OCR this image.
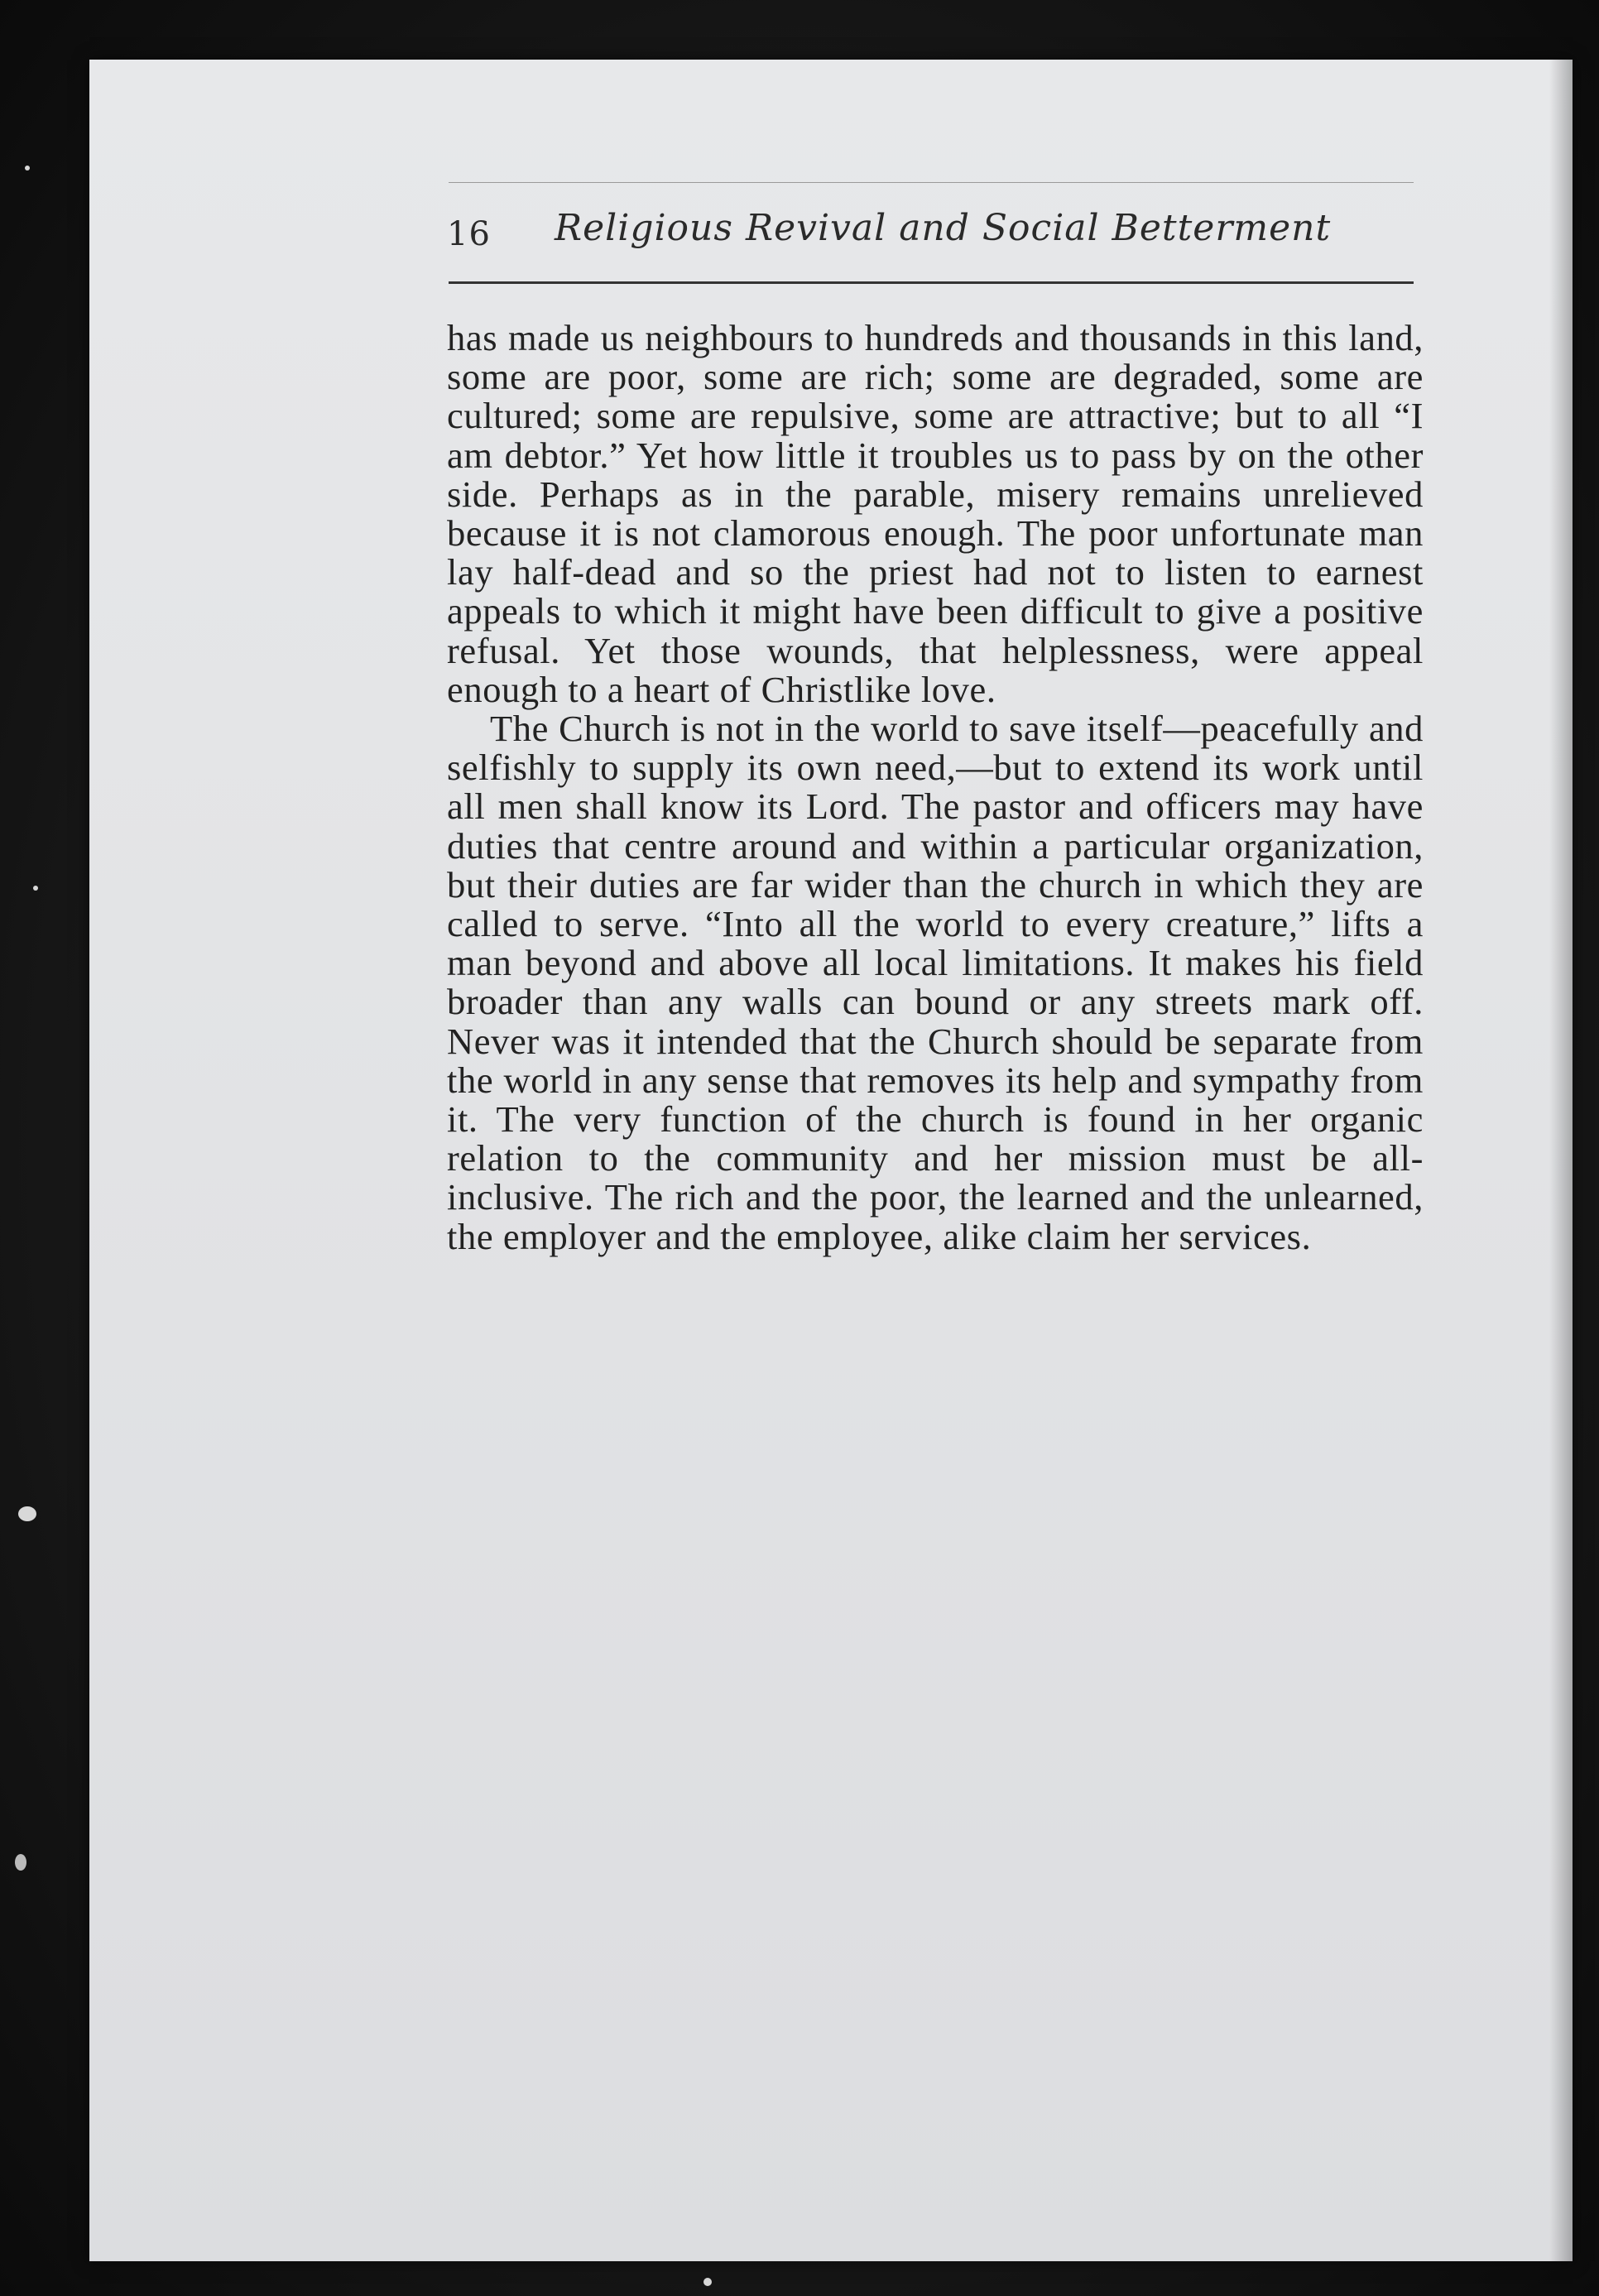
16 Religious Revival and Social Betterment

has made us neighbours to hundreds and thousands in this land, some are poor, some are rich; some are degraded, some are cultured; some are repulsive, some are attractive; but to all “I am debtor.” Yet how little it troubles us to pass by on the other side. Perhaps as in the parable, misery remains unrelieved because it is not clamorous enough. The poor unfortunate man lay half-dead and so the priest had not to listen to earnest appeals to which it might have been difficult to give a positive refusal. Yet those wounds, that helplessness, were appeal enough to a heart of Christlike love.

The Church is not in the world to save itself—peacefully and selfishly to supply its own need,—but to extend its work until all men shall know its Lord. The pastor and officers may have duties that centre around and within a particular organization, but their duties are far wider than the church in which they are called to serve. “Into all the world to every creature,” lifts a man beyond and above all local limitations. It makes his field broader than any walls can bound or any streets mark off. Never was it intended that the Church should be separate from the world in any sense that removes its help and sympathy from it. The very function of the church is found in her organic relation to the community and her mission must be all-inclusive. The rich and the poor, the learned and the unlearned, the employer and the employee, alike claim her services.
